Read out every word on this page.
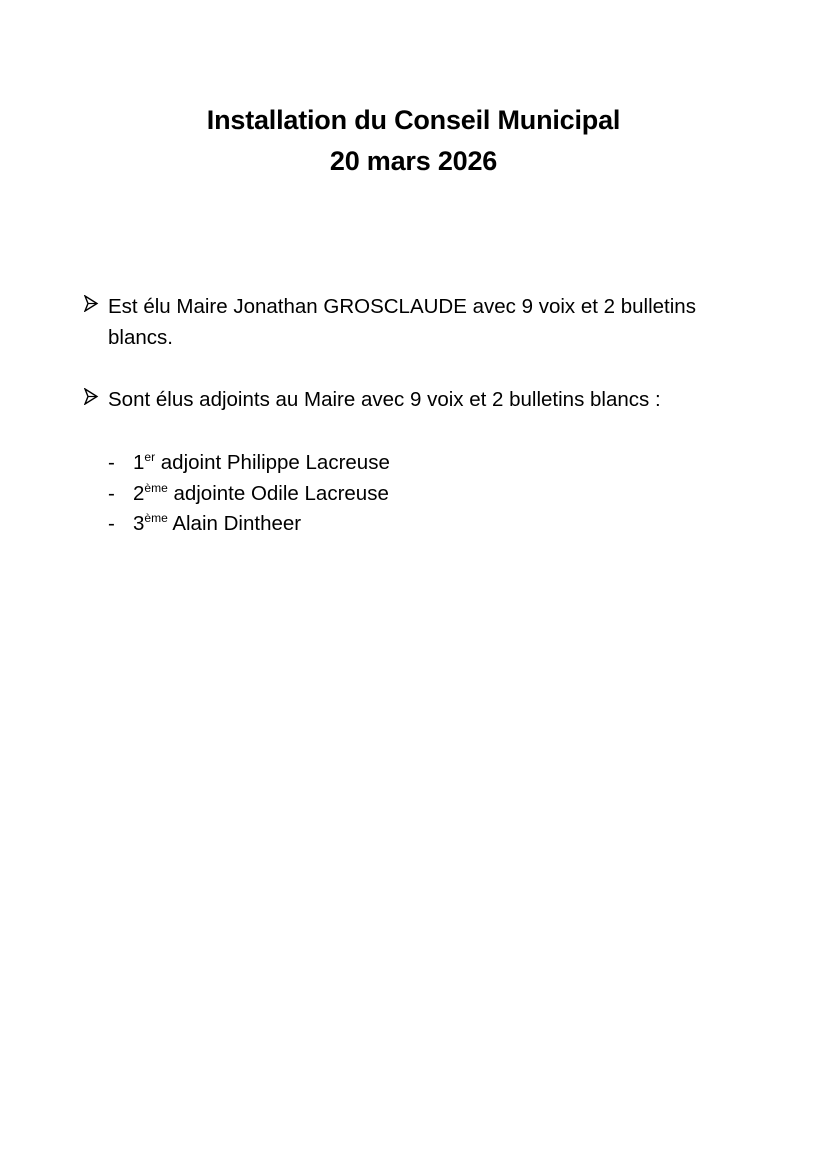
Installation du Conseil Municipal
20 mars 2026
Est élu Maire Jonathan GROSCLAUDE avec 9 voix et 2 bulletins blancs.
Sont élus adjoints au Maire avec 9 voix et 2 bulletins blancs :
- 1er adjoint Philippe Lacreuse
- 2ème adjointe Odile Lacreuse
- 3ème Alain Dintheer
